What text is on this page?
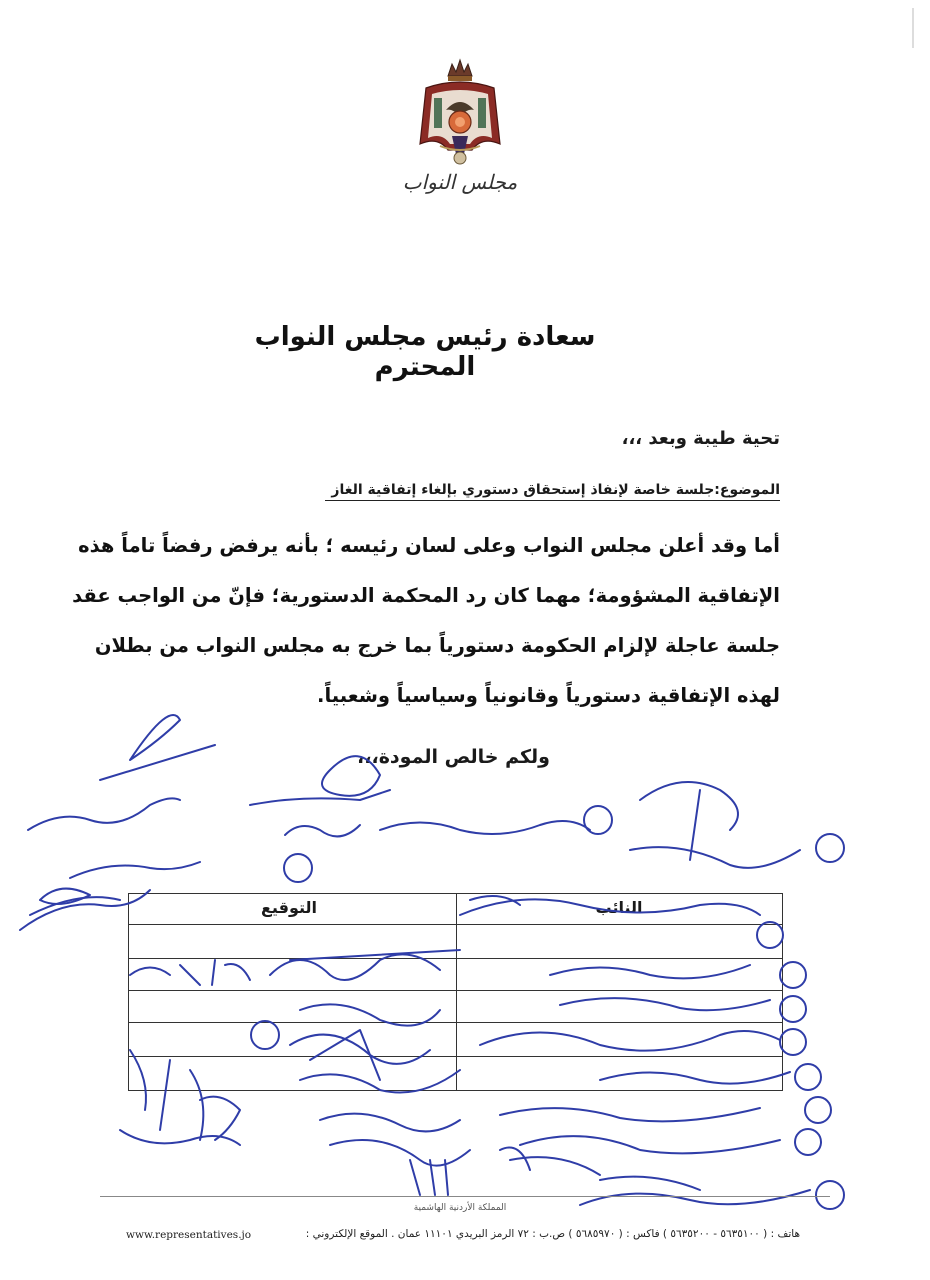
مجلس النواب
سعادة رئيس مجلس النواب المحترم
تحية طيبة وبعد ،،،
الموضوع:جلسة خاصة لإنفاذ إستحقاق دستوري بإلغاء إتفاقية الغاز
أما وقد أعلن مجلس النواب وعلى لسان رئيسه ؛ بأنه يرفض رفضاً تاماً هذه
الإتفاقية المشؤومة؛ مهما كان رد المحكمة الدستورية؛ فإنّ من الواجب عقد
جلسة عاجلة لإلزام الحكومة دستورياً بما خرج به مجلس النواب من بطلان
لهذه الإتفاقية دستورياً وقانونياً وسياسياً وشعبياً.
ولكم خالص المودة،،،
النائب
التوقيع
المملكة الأردنية الهاشمية
هاتف : ( ٥٦٣٥١٠٠ - ٥٦٣٥٢٠٠ ) فاكس : ( ٥٦٨٥٩٧٠ ) ص.ب : ٧٢ الرمز البريدي ١١١٠١ عمان . الموقع الإلكتروني :
www.representatives.jo
